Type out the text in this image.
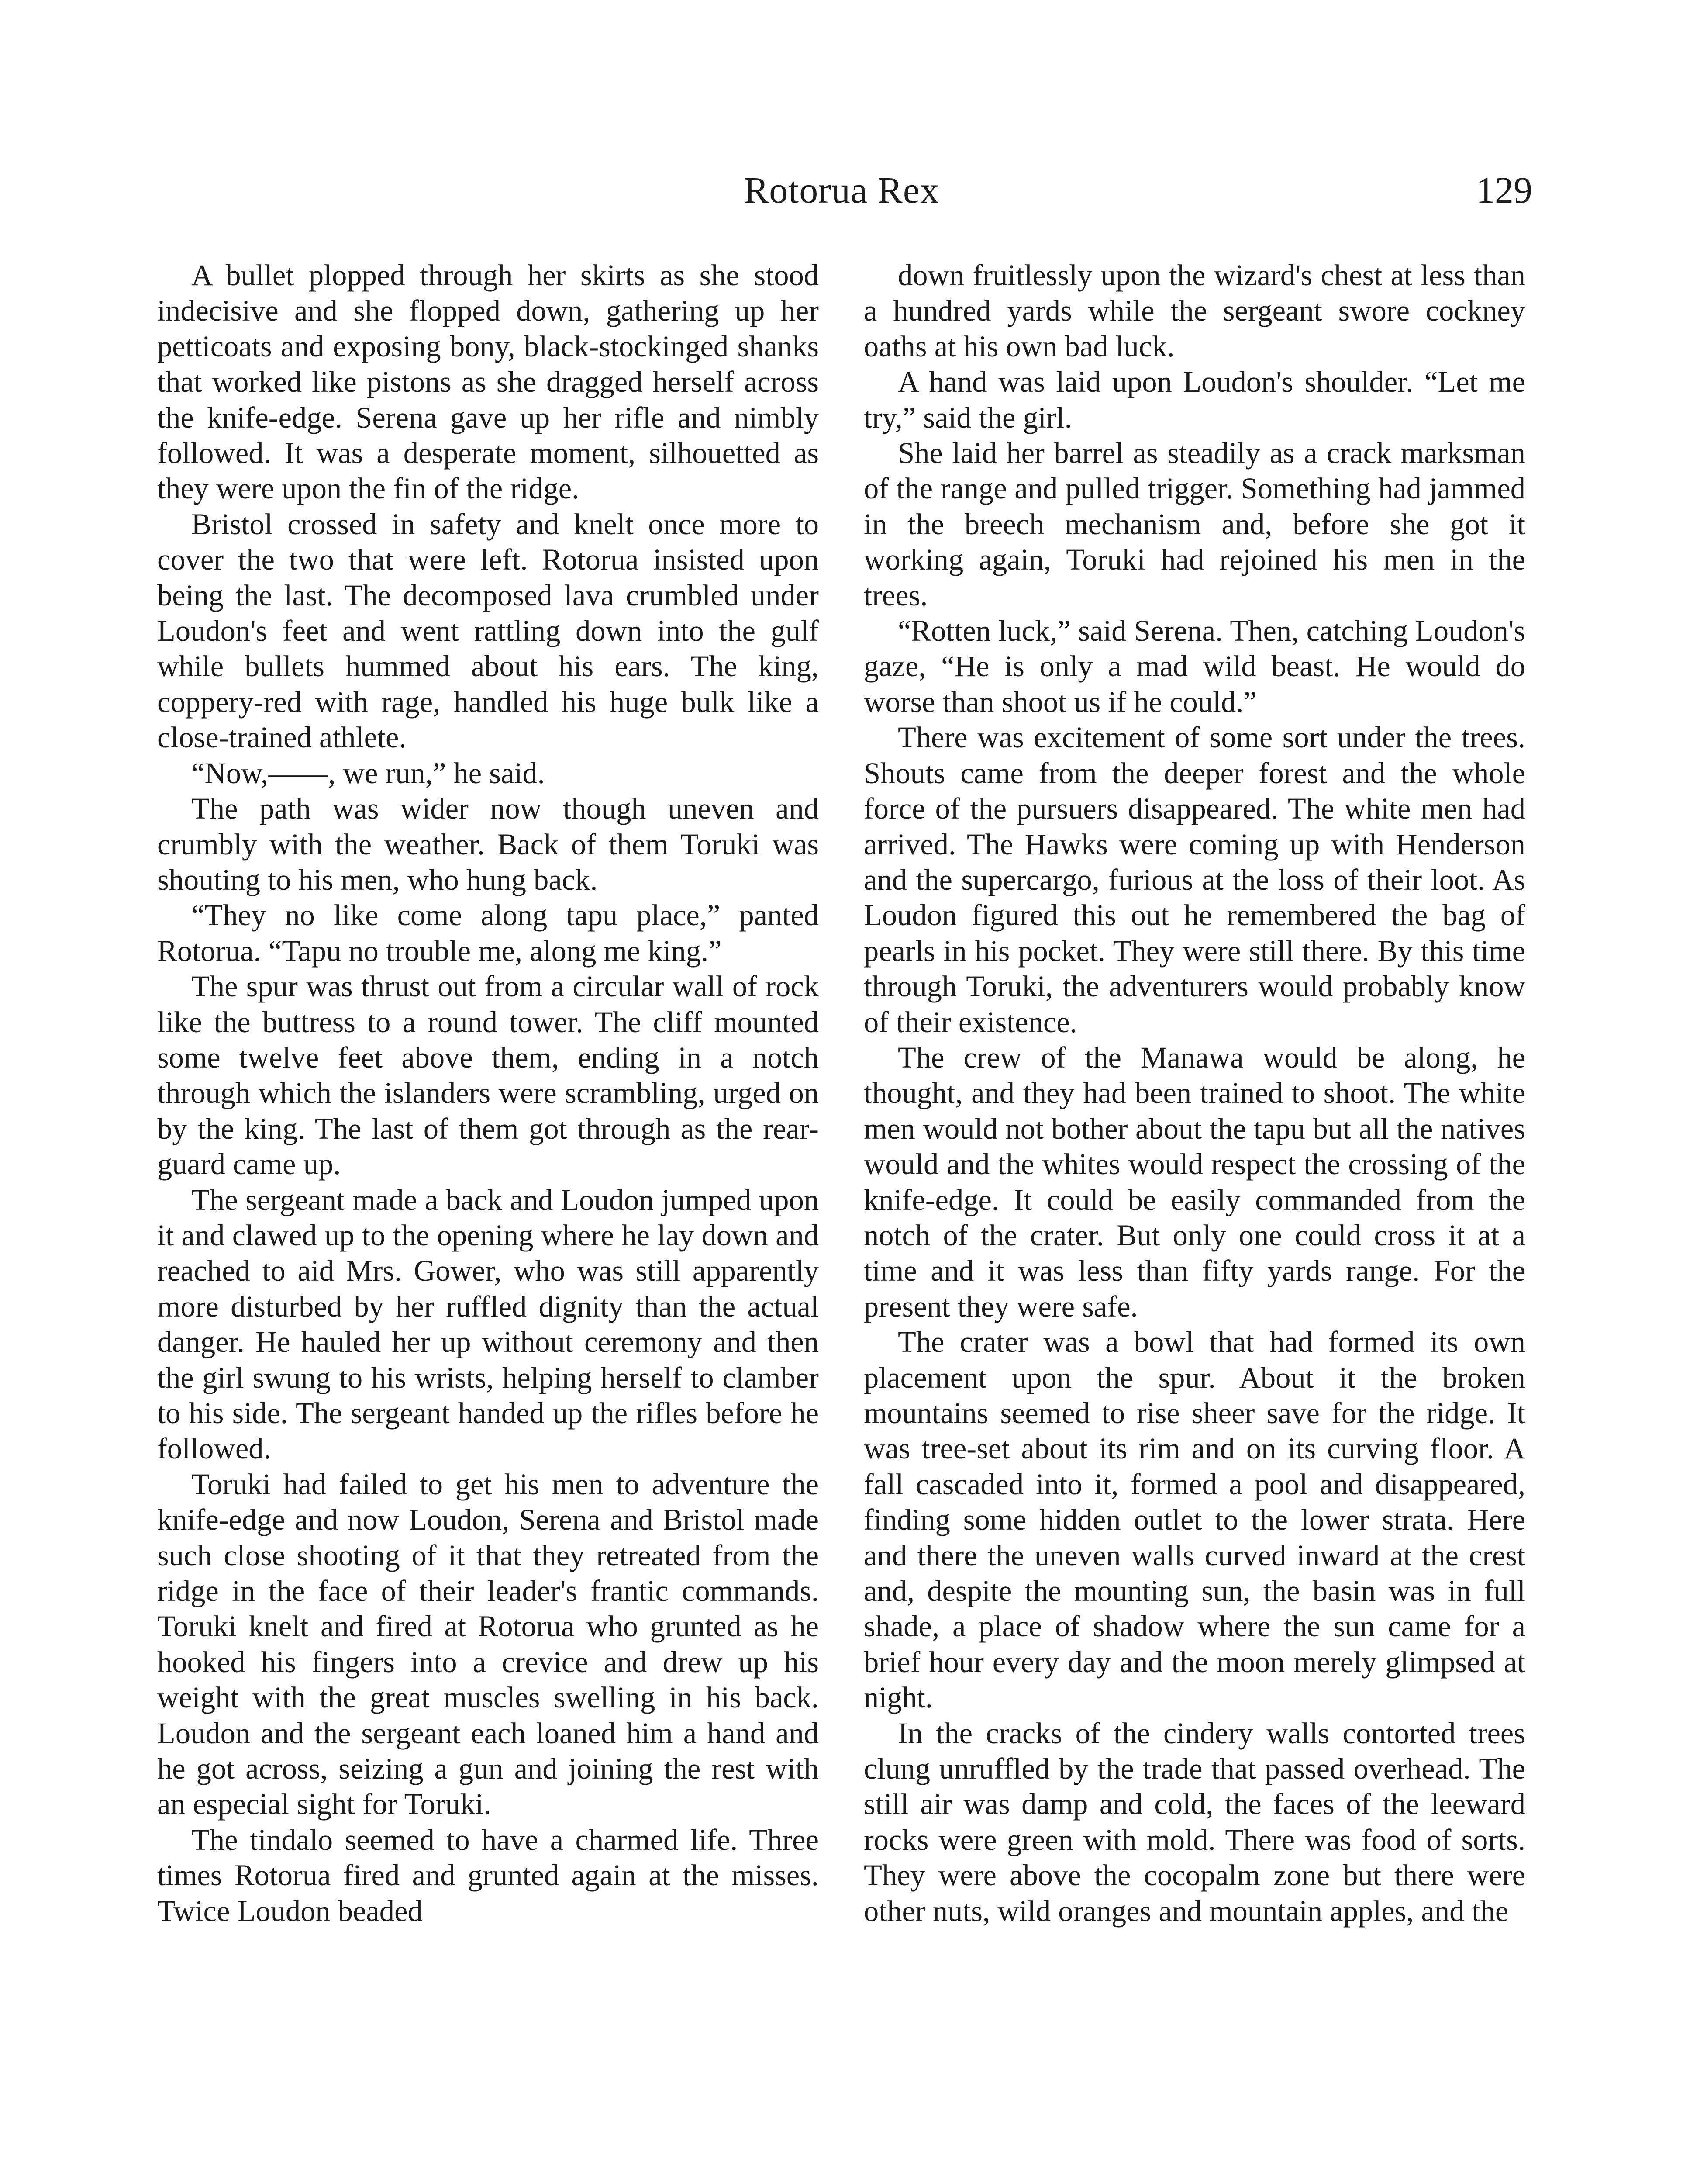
Rotorua Rex	129

A bullet plopped through her skirts as she stood indecisive and she flopped down, gathering up her petticoats and exposing bony, black-stockinged shanks that worked like pistons as she dragged herself across the knife-edge. Serena gave up her rifle and nimbly followed. It was a desperate moment, silhouetted as they were upon the fin of the ridge.

Bristol crossed in safety and knelt once more to cover the two that were left. Rotorua insisted upon being the last. The decomposed lava crumbled under Loudon's feet and went rattling down into the gulf while bullets hummed about his ears. The king, coppery-red with rage, handled his huge bulk like a close-trained athlete.

“Now,——, we run,” he said.

The path was wider now though uneven and crumbly with the weather. Back of them Toruki was shouting to his men, who hung back.

“They no like come along tapu place,” panted Rotorua. “Tapu no trouble me, along me king.”

The spur was thrust out from a circular wall of rock like the buttress to a round tower. The cliff mounted some twelve feet above them, ending in a notch through which the islanders were scrambling, urged on by the king. The last of them got through as the rear-guard came up.

The sergeant made a back and Loudon jumped upon it and clawed up to the opening where he lay down and reached to aid Mrs. Gower, who was still apparently more disturbed by her ruffled dignity than the actual danger. He hauled her up without ceremony and then the girl swung to his wrists, helping herself to clamber to his side. The sergeant handed up the rifles before he followed.

Toruki had failed to get his men to adventure the knife-edge and now Loudon, Serena and Bristol made such close shooting of it that they retreated from the ridge in the face of their leader's frantic commands. Toruki knelt and fired at Rotorua who grunted as he hooked his fingers into a crevice and drew up his weight with the great muscles swelling in his back. Loudon and the sergeant each loaned him a hand and he got across, seizing a gun and joining the rest with an especial sight for Toruki.

The tindalo seemed to have a charmed life. Three times Rotorua fired and grunted again at the misses. Twice Loudon beaded

down fruitlessly upon the wizard's chest at less than a hundred yards while the sergeant swore cockney oaths at his own bad luck.

A hand was laid upon Loudon's shoulder. “Let me try,” said the girl.

She laid her barrel as steadily as a crack marksman of the range and pulled trigger. Something had jammed in the breech mechanism and, before she got it working again, Toruki had rejoined his men in the trees.

“Rotten luck,” said Serena. Then, catching Loudon's gaze, “He is only a mad wild beast. He would do worse than shoot us if he could.”

There was excitement of some sort under the trees. Shouts came from the deeper forest and the whole force of the pursuers disappeared. The white men had arrived. The Hawks were coming up with Henderson and the supercargo, furious at the loss of their loot. As Loudon figured this out he remembered the bag of pearls in his pocket. They were still there. By this time through Toruki, the adventurers would probably know of their existence.

The crew of the Manawa would be along, he thought, and they had been trained to shoot. The white men would not bother about the tapu but all the natives would and the whites would respect the crossing of the knife-edge. It could be easily commanded from the notch of the crater. But only one could cross it at a time and it was less than fifty yards range. For the present they were safe.

The crater was a bowl that had formed its own placement upon the spur. About it the broken mountains seemed to rise sheer save for the ridge. It was tree-set about its rim and on its curving floor. A fall cascaded into it, formed a pool and disappeared, finding some hidden outlet to the lower strata. Here and there the uneven walls curved inward at the crest and, despite the mounting sun, the basin was in full shade, a place of shadow where the sun came for a brief hour every day and the moon merely glimpsed at night.

In the cracks of the cindery walls contorted trees clung unruffled by the trade that passed overhead. The still air was damp and cold, the faces of the leeward rocks were green with mold. There was food of sorts. They were above the cocopalm zone but there were other nuts, wild oranges and mountain apples, and the
